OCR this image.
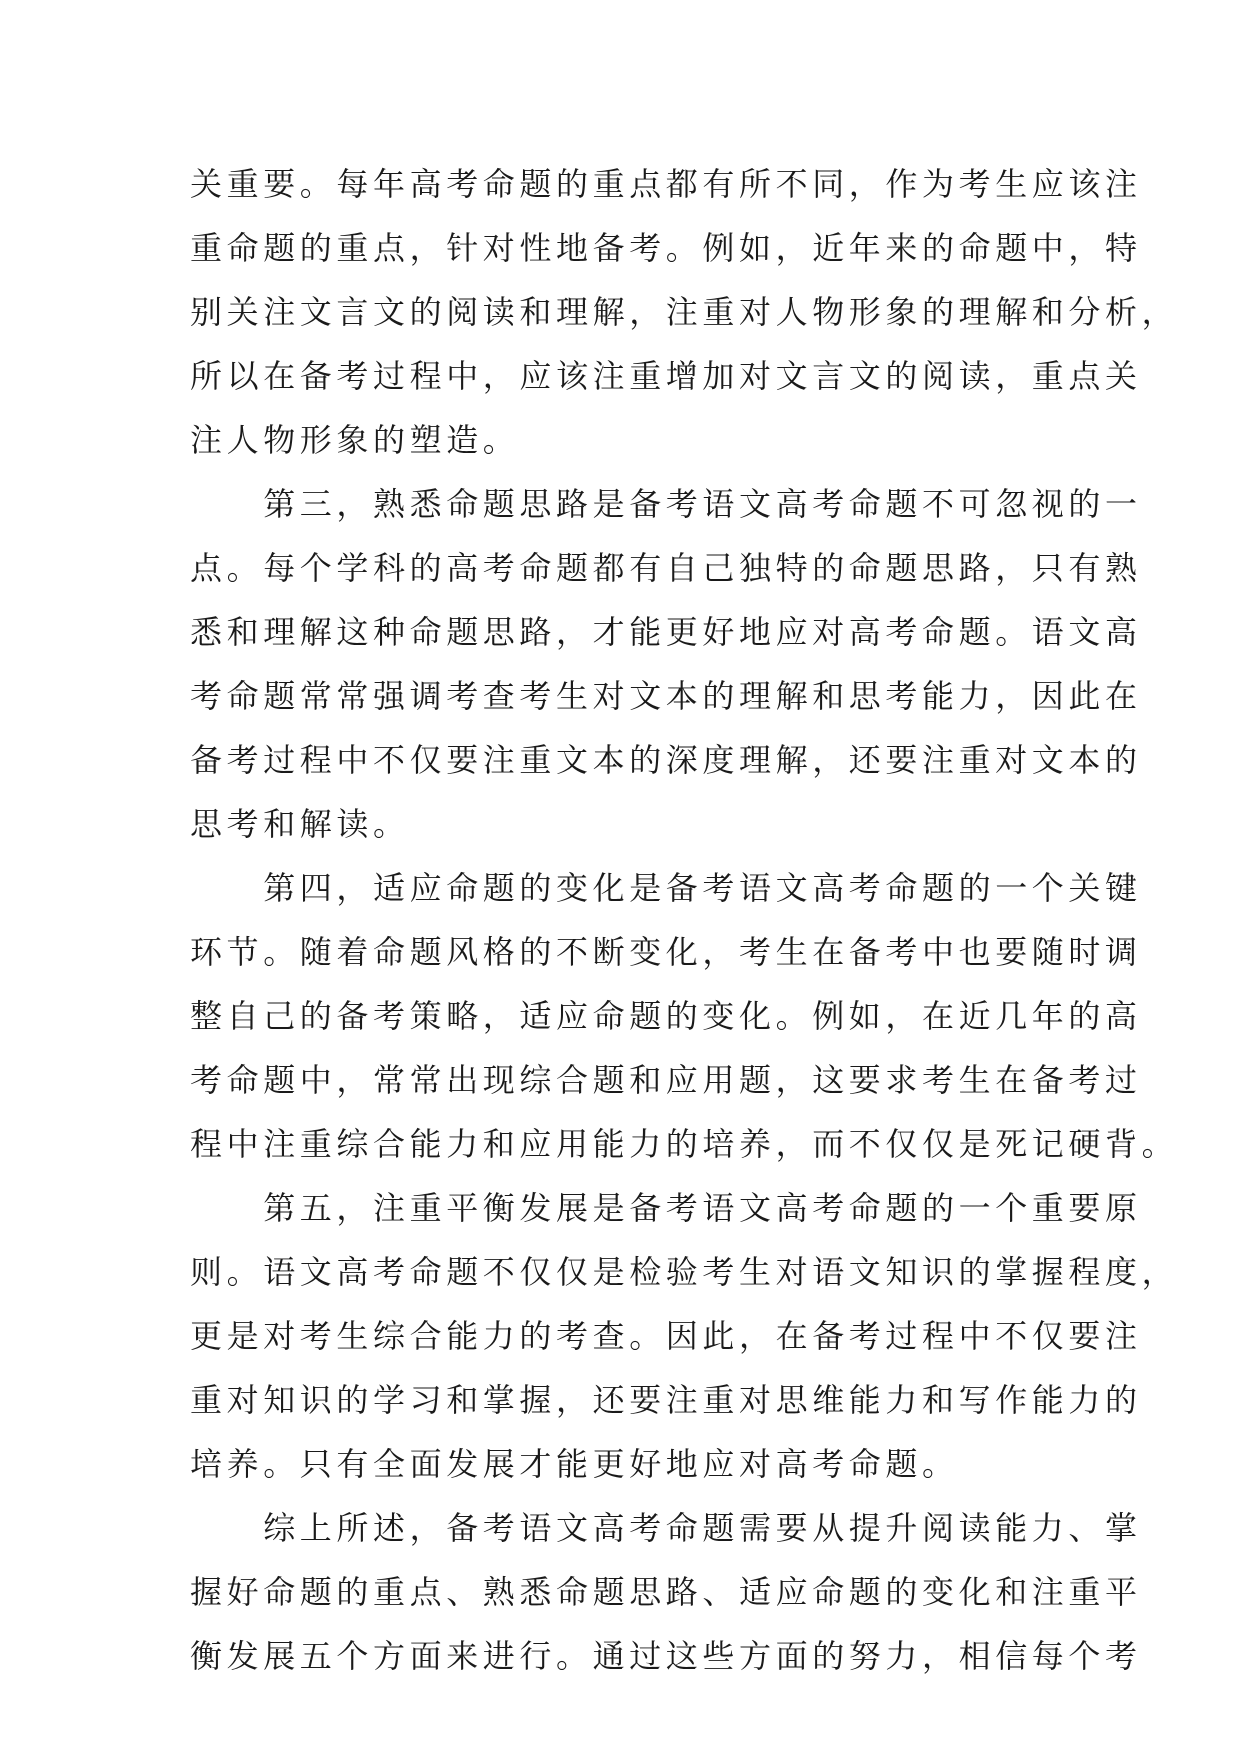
关重要。每年高考命题的重点都有所不同，作为考生应该注
重命题的重点，针对性地备考。例如，近年来的命题中，特
别关注文言文的阅读和理解，注重对人物形象的理解和分析，
所以在备考过程中，应该注重增加对文言文的阅读，重点关
注人物形象的塑造。
　　第三，熟悉命题思路是备考语文高考命题不可忽视的一
点。每个学科的高考命题都有自己独特的命题思路，只有熟
悉和理解这种命题思路，才能更好地应对高考命题。语文高
考命题常常强调考查考生对文本的理解和思考能力，因此在
备考过程中不仅要注重文本的深度理解，还要注重对文本的
思考和解读。
　　第四，适应命题的变化是备考语文高考命题的一个关键
环节。随着命题风格的不断变化，考生在备考中也要随时调
整自己的备考策略，适应命题的变化。例如，在近几年的高
考命题中，常常出现综合题和应用题，这要求考生在备考过
程中注重综合能力和应用能力的培养，而不仅仅是死记硬背。
　　第五，注重平衡发展是备考语文高考命题的一个重要原
则。语文高考命题不仅仅是检验考生对语文知识的掌握程度，
更是对考生综合能力的考查。因此，在备考过程中不仅要注
重对知识的学习和掌握，还要注重对思维能力和写作能力的
培养。只有全面发展才能更好地应对高考命题。
　　综上所述，备考语文高考命题需要从提升阅读能力、掌
握好命题的重点、熟悉命题思路、适应命题的变化和注重平
衡发展五个方面来进行。通过这些方面的努力，相信每个考
